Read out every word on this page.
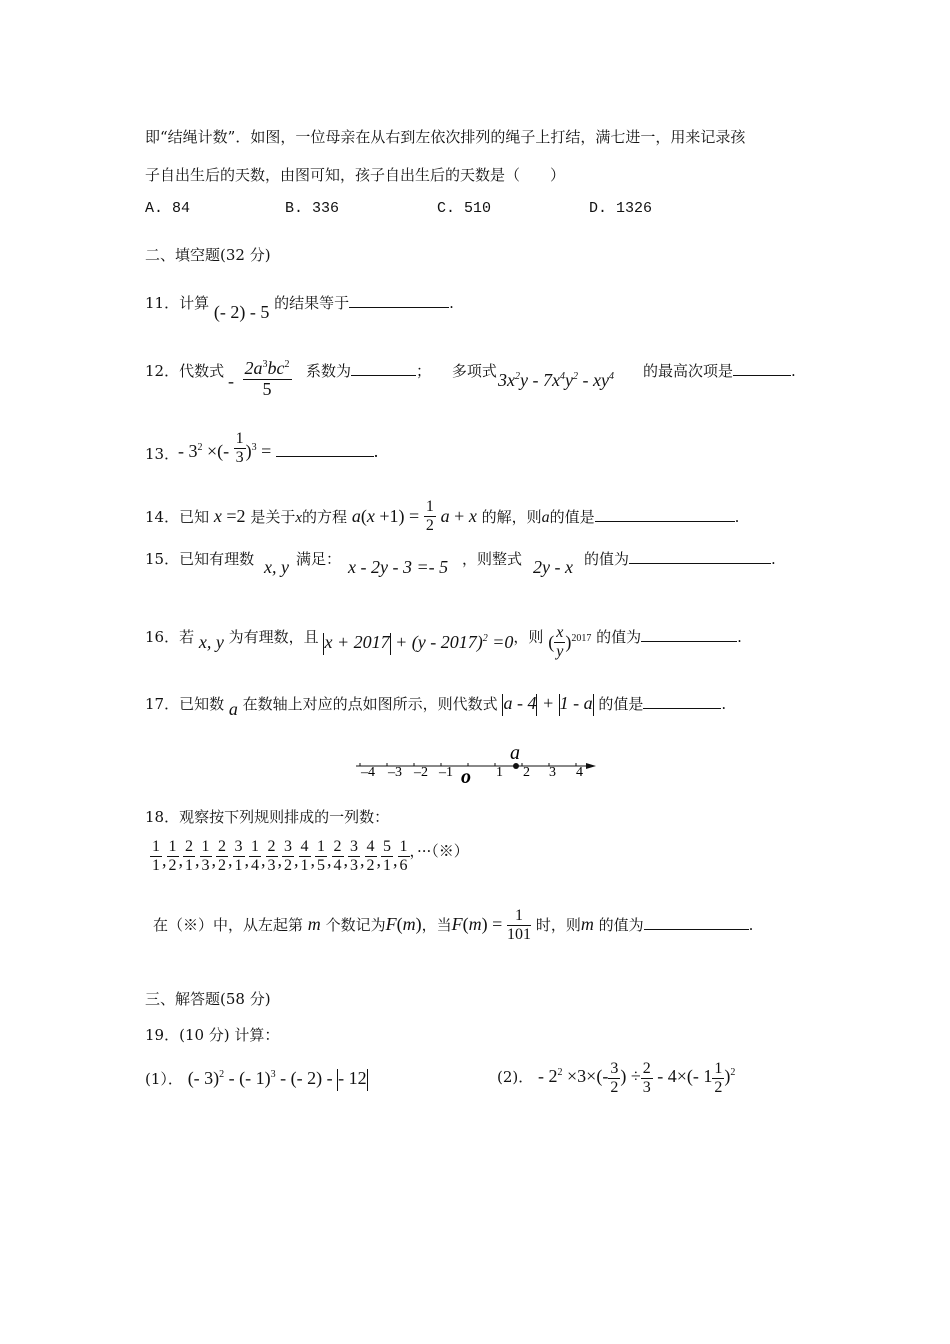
即“结绳计数”．如图，一位母亲在从右到左依次排列的绳子上打结，满七进一，用来记录孩
子自出生后的天数，由图可知，孩子自出生后的天数是（　　）
A. 84	B. 336	C. 510	D. 1326
二、填空题(32 分)
11．计算 (- 2) - 5 的结果等于	.
12．代数式
- $\frac{2a^3bc^2}{5}$ 系数为	； 多项式 $3x^2y - 7x^4y^2 - xy^4$ 的最高次项是	.
13．
- $3^2$ ×(- $\frac{1}{3} )^3$ =	.
14．已知 x =2 是关于x的方程 $a(x +1) = \frac{1}{2}$ a + x 的解，则a的值是	.
15．已知有理数 x, y 满足： x - 2y - 3 =- 5 ，则整式 2y - x 的值为	.
16．若 x, y 为有理数，且 x + 2017 + (y - 2017)$^2$ =0，则 ( $\frac{x}{y} )^{2017}$ 的值为	.
17．已知数 a 在数轴上对应的点如图所示，则代数式 a - 4 + 1 - a 的值是	.
a
o
–4 –3 –2 –1	1 2 3 4
18．观察按下列规则排成的一列数：
$\frac{1}{1}$ , $\frac{1}{2}$ , $\frac{2}{1}$ , $\frac{1}{3}$ , $\frac{2}{2}$ , $\frac{3}{1}$ , $\frac{1}{4}$ , $\frac{2}{3}$ , $\frac{3}{2}$ , $\frac{4}{1}$ , $\frac{1}{5}$ , $\frac{2}{4}$ , $\frac{3}{3}$ , $\frac{4}{2}$ , $\frac{5}{1}$ , $\frac{1}{6} ^{,\cdot\cdot\cdot(※)}$
在（※）中，从左起第 m 个数记为F(m)，当$F(m) = \frac{1}{101}$ 时，则m 的值为	.
三、解答题(58 分)
19．(10 分) 计算：
(1）． (- 3)$^2$ - (- 1)$^3$ - (- 2) - - 12	(2)． - $2^2 \times 3\times(- \frac{3}{2}$ ) ÷ $\frac{2}{3} - 4\times(-$ $1 \frac{1}{2} )^2$
